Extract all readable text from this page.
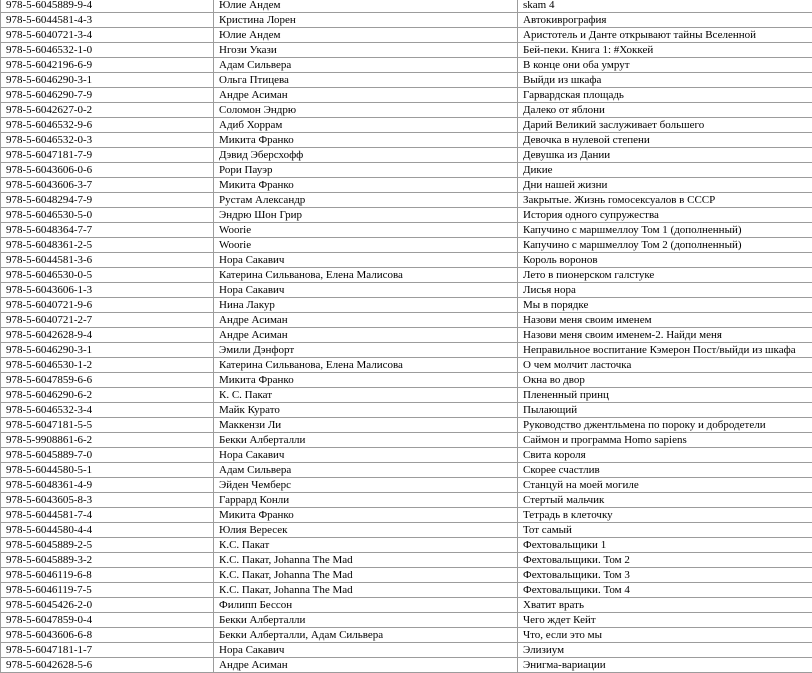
978-5-6045889-9-4	Юлие Андем	skam 4
978-5-6044581-4-3	Кристина Лорен	Автокиврография
978-5-6040721-3-4	Юлие Андем	Аристотель и Данте открывают тайны Вселенной
978-5-6046532-1-0	Нгози Укази	Бей-пеки. Книга 1: #Хоккей
978-5-6042196-6-9	Адам Сильвера	В конце они оба умрут
978-5-6046290-3-1	Ольга Птицева	Выйди из шкафа
978-5-6046290-7-9	Андре Асиман	Гарвардская площадь
978-5-6042627-0-2	Соломон Эндрю	Далеко от яблони
978-5-6046532-9-6	Адиб Хоррам	Дарий Великий заслуживает большего
978-5-6046532-0-3	Микита Франко	Девочка в нулевой степени
978-5-6047181-7-9	Дэвид Эберсхофф	Девушка из Дании
978-5-6043606-0-6	Рори Пауэр	Дикие
978-5-6043606-3-7	Микита Франко	Дни нашей жизни
978-5-6048294-7-9	Рустам Александр	Закрытые. Жизнь гомосексуалов в СССР
978-5-6046530-5-0	Эндрю Шон Грир	История одного супружества
978-5-6048364-7-7	Woorie	Капучино с маршмеллоу Том 1 (дополненный)
978-5-6048361-2-5	Woorie	Капучино с маршмеллоу Том 2 (дополненный)
978-5-6044581-3-6	Нора Сакавич	Король воронов
978-5-6046530-0-5	Катерина Сильванова, Елена Малисова	Лето в пионерском галстуке
978-5-6043606-1-3	Нора Сакавич	Лисья нора
978-5-6040721-9-6	Нина Лакур	Мы в порядке
978-5-6040721-2-7	Андре Асиман	Назови меня своим именем
978-5-6042628-9-4	Андре Асиман	Назови меня своим именем-2. Найди меня
978-5-6046290-3-1	Эмили Дэнфорт	Неправильное воспитание Кэмерон Пост/выйди из шкафа
978-5-6046530-1-2	Катерина Сильванова, Елена Малисова	О чем молчит ласточка
978-5-6047859-6-6	Микита Франко	Окна во двор
978-5-6046290-6-2	К. С. Пакат	Плененный принц
978-5-6046532-3-4	Майк Курато	Пылающий
978-5-6047181-5-5	Маккензи Ли	Руководство джентльмена по пороку и добродетели
978-5-9908861-6-2	Бекки Алберталли	Саймон и программа Homo sapiens
978-5-6045889-7-0	Нора Сакавич	Свита короля
978-5-6044580-5-1	Адам Сильвера	Скорее счастлив
978-5-6048361-4-9	Эйден Чемберс	Станцуй на моей могиле
978-5-6043605-8-3	Гаррард Конли	Стертый мальчик
978-5-6044581-7-4	Микита Франко	Тетрадь в клеточку
978-5-6044580-4-4	Юлия Вересек	Тот самый
978-5-6045889-2-5	К.С. Пакат	Фехтовальщики 1
978-5-6045889-3-2	К.С. Пакат, Johanna The Mad	Фехтовальщики. Том 2
978-5-6046119-6-8	К.С. Пакат, Johanna The Mad	Фехтовальщики. Том 3
978-5-6046119-7-5	К.С. Пакат, Johanna The Mad	Фехтовальщики. Том 4
978-5-6045426-2-0	Филипп Бессон	Хватит врать
978-5-6047859-0-4	Бекки Алберталли	Чего ждет Кейт
978-5-6043606-6-8	Бекки Алберталли, Адам Сильвера	Что, если это мы
978-5-6047181-1-7	Нора Сакавич	Элизиум
978-5-6042628-5-6	Андре Асиман	Энигма-вариации
